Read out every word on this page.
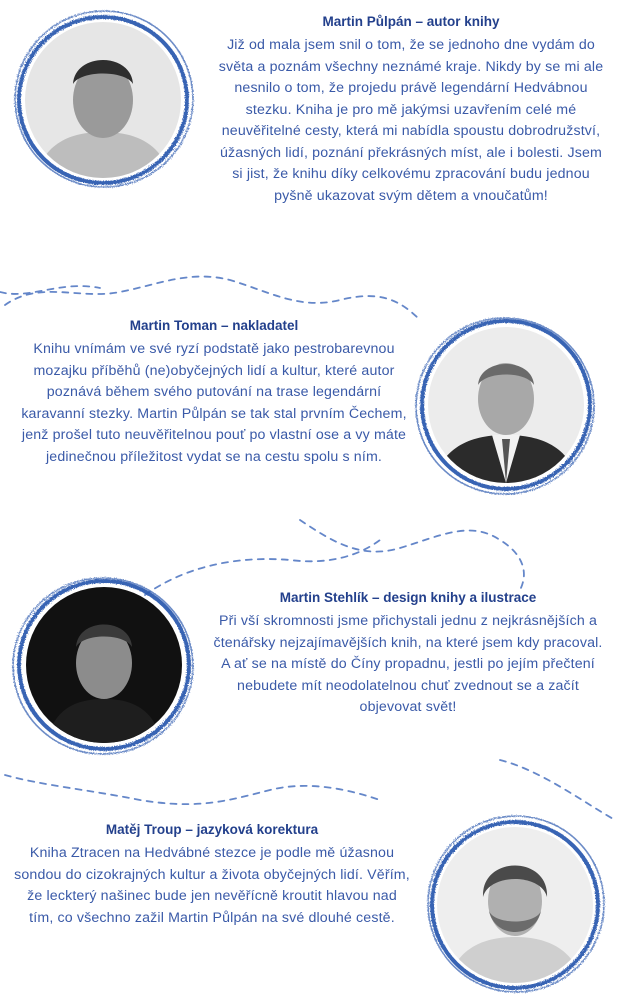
Martin Půlpán – autor knihy
Již od mala jsem snil o tom, že se jednoho dne vydám do světa a poznám všechny neznámé kraje. Nikdy by se mi ale nesnilo o tom, že projedu právě legendární Hedvábnou stezku. Kniha je pro mě jakýmsi uzavřením celé mé neuvěřitelné cesty, která mi nabídla spoustu dobrodružství, úžasných lidí, poznání překrásných míst, ale i bolesti. Jsem si jist, že knihu díky celkovému zpracování budu jednou pyšně ukazovat svým dětem a vnoučatům!
Martin Toman – nakladatel
Knihu vnímám ve své ryzí podstatě jako pestrobarevnou mozajku příběhů (ne)obyčejných lidí a kultur, které autor poznává během svého putování na trase legendární karavanní stezky. Martin Půlpán se tak stal prvním Čechem, jenž prošel tuto neuvěřitelnou pouť po vlastní ose a vy máte jedinečnou příležitost vydat se na cestu spolu s ním.
Martin Stehlík – design knihy a ilustrace
Při vší skromnosti jsme přichystali jednu z nejkrásnějších a čtenářsky nejzajímavějších knih, na které jsem kdy pracoval. A ať se na místě do Číny propadnu, jestli po jejím přečtení nebudete mít neodolatelnou chuť zvednout se a začít objevovat svět!
Matěj Troup – jazyková korektura
Kniha Ztracen na Hedvábné stezce je podle mě úžasnou sondou do cizokrajných kultur a života obyčejných lidí. Věřím, že leckterý našinec bude jen nevěřícně kroutit hlavou nad tím, co všechno zažil Martin Půlpán na své dlouhé cestě.
